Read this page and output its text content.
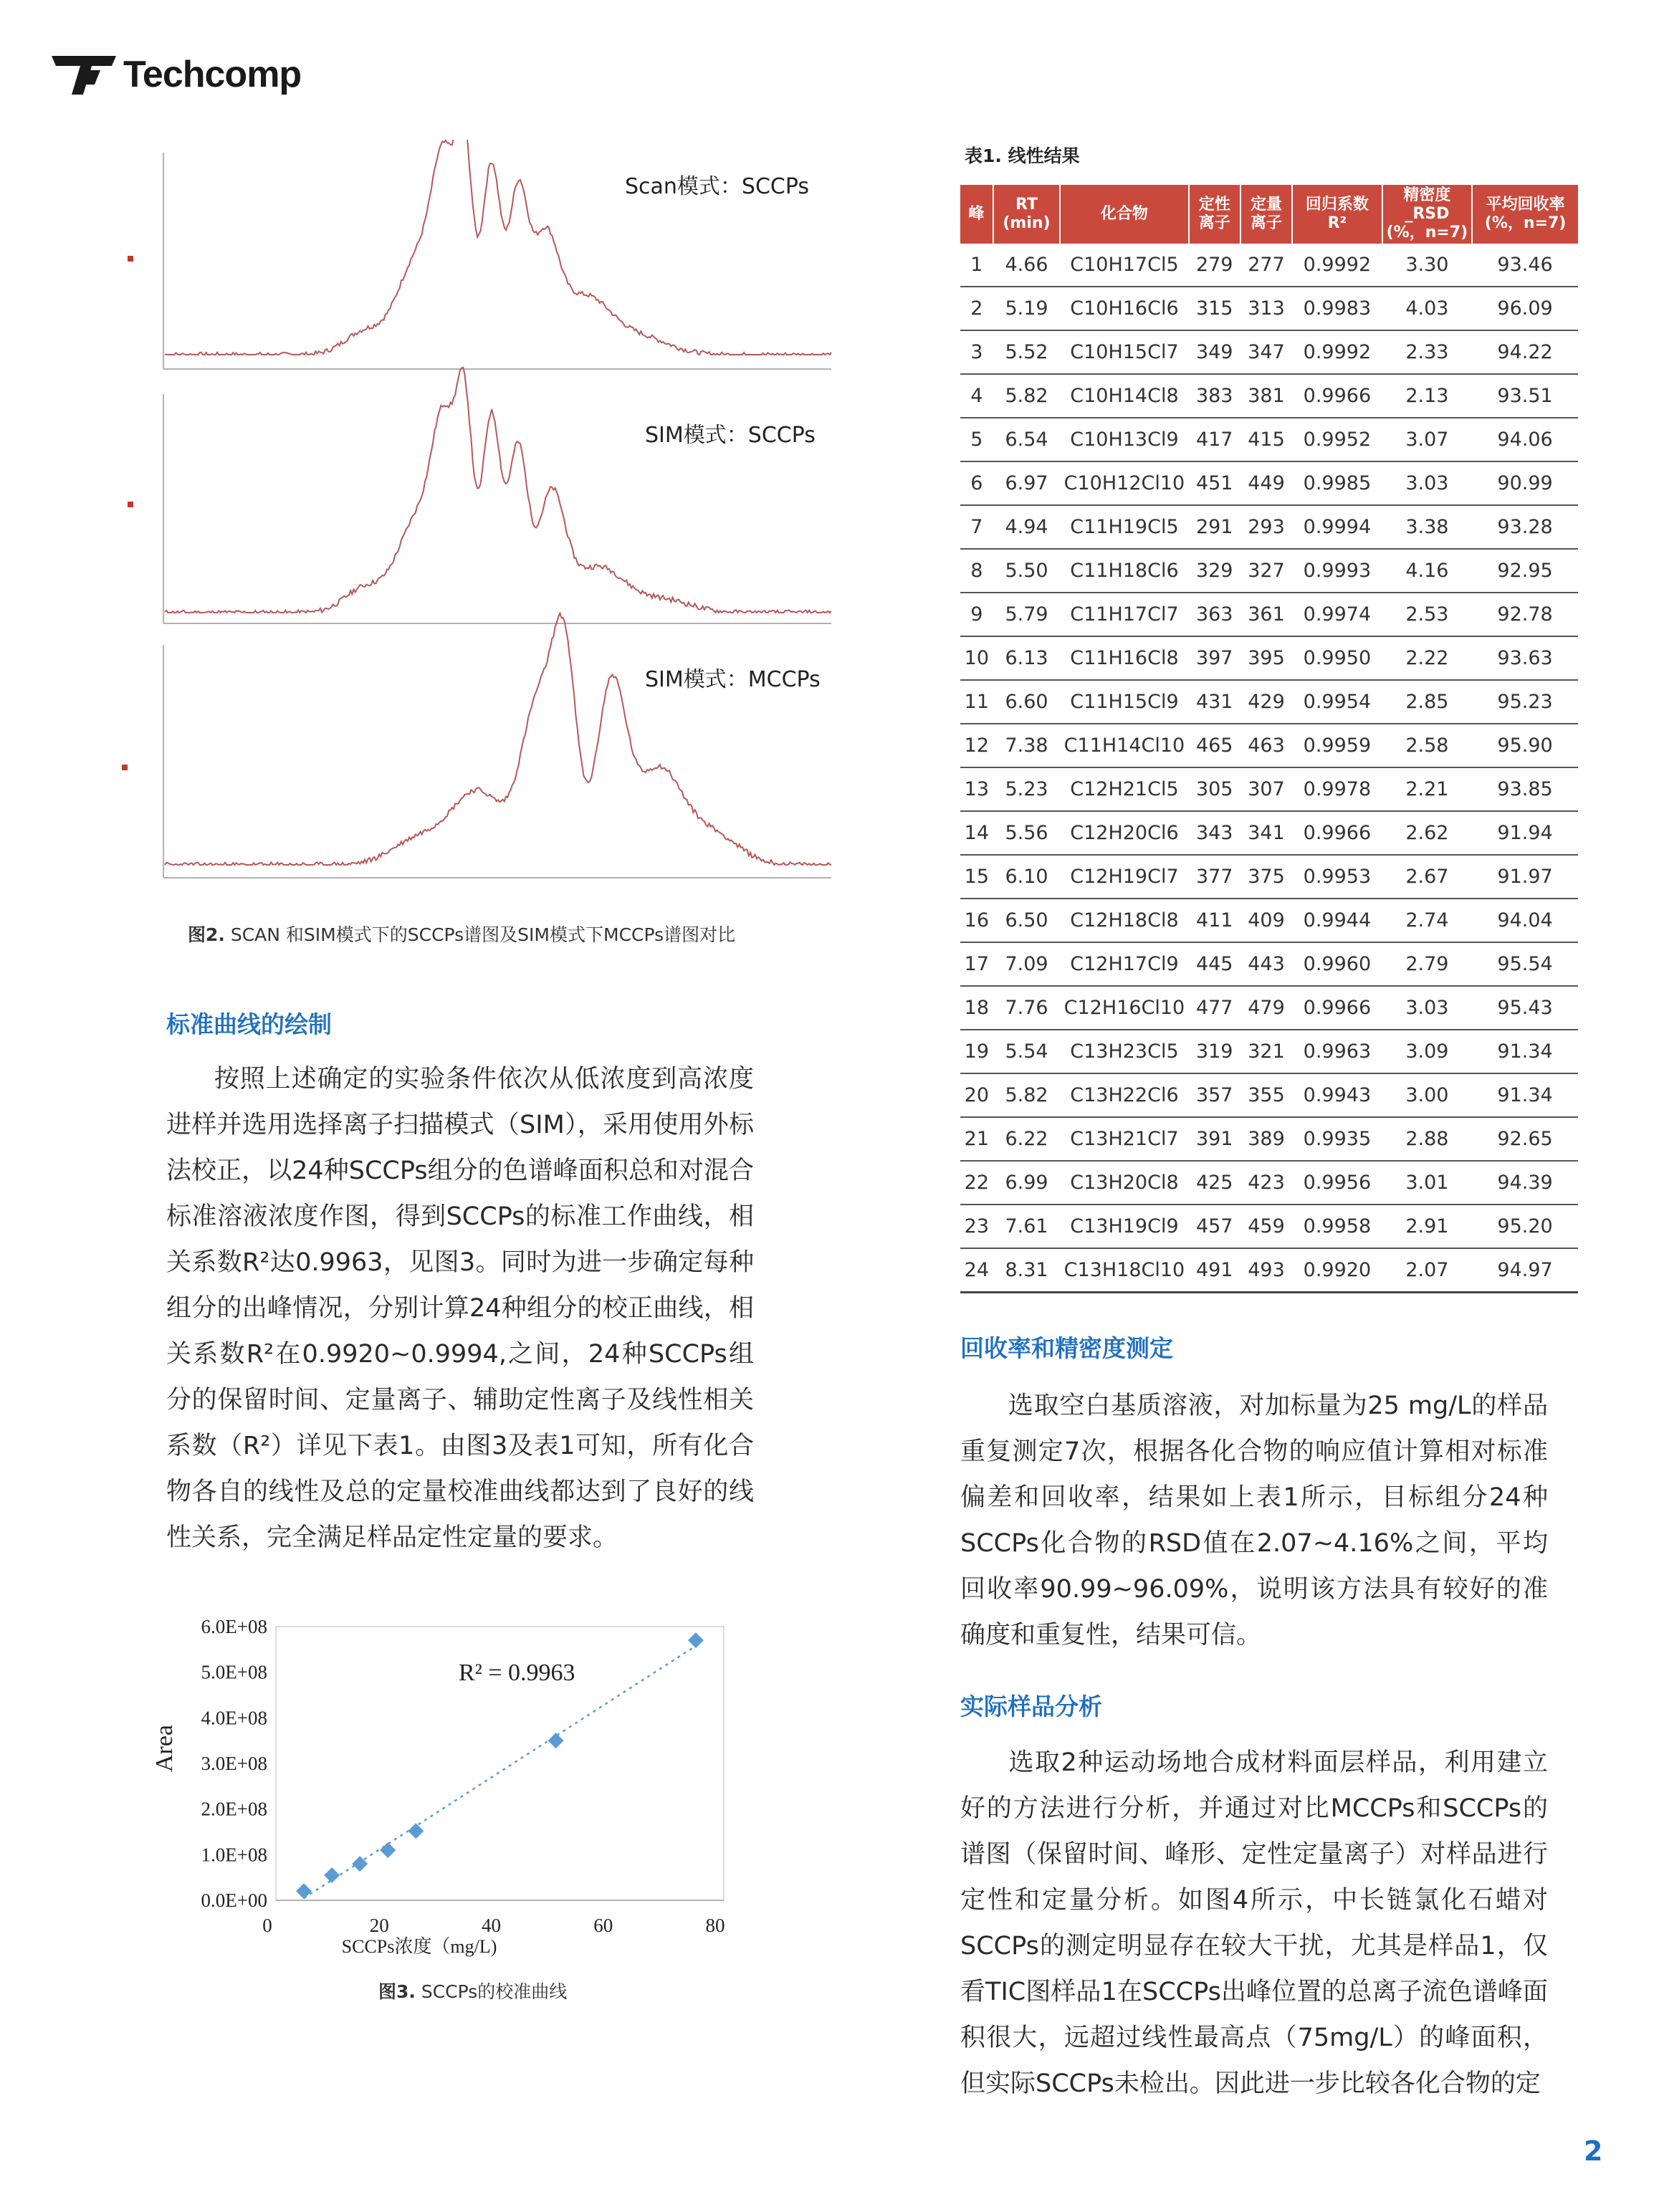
Techcomp
Scan模式：SCCPs
SIM模式：SCCPs
SIM模式：MCCPs
图2. SCAN 和SIM模式下的SCCPs谱图及SIM模式下MCCPs谱图对比
标准曲线的绘制
按照上述确定的实验条件依次从低浓度到高浓度进样并选用选择离子扫描模式（SIM），采用使用外标法校正，以24种SCCPs组分的色谱峰面积总和对混合标准溶液浓度作图，得到SCCPs的标准工作曲线，相关系数R²达0.9963，见图3。同时为进一步确定每种组分的出峰情况，分别计算24种组分的校正曲线，相关系数R²在0.9920~0.9994,之间，24种SCCPs组分的保留时间、定量离子、辅助定性离子及线性相关系数（R²）详见下表1。由图3及表1可知，所有化合物各自的线性及总的定量校准曲线都达到了良好的线性关系，完全满足样品定性定量的要求。
0.0E+00
1.0E+08
2.0E+08
3.0E+08
4.0E+08
5.0E+08
6.0E+08
0	20	40	60	80
R² = 0.9963
SCCPs浓度（mg/L)
Area
图3. SCCPs的校准曲线
表1. 线性结果
峰	RT (min)	化合物	定性 离子	定量 离子	回归系数 R²	精密度 _RSD (%，n=7)	平均回收率 (%，n=7)
1	4.66	C10H17Cl5	279	277	0.9992	3.30	93.46
2	5.19	C10H16Cl6	315	313	0.9983	4.03	96.09
3	5.52	C10H15Cl7	349	347	0.9992	2.33	94.22
4	5.82	C10H14Cl8	383	381	0.9966	2.13	93.51
5	6.54	C10H13Cl9	417	415	0.9952	3.07	94.06
6	6.97	C10H12Cl10	451	449	0.9985	3.03	90.99
7	4.94	C11H19Cl5	291	293	0.9994	3.38	93.28
8	5.50	C11H18Cl6	329	327	0.9993	4.16	92.95
9	5.79	C11H17Cl7	363	361	0.9974	2.53	92.78
10	6.13	C11H16Cl8	397	395	0.9950	2.22	93.63
11	6.60	C11H15Cl9	431	429	0.9954	2.85	95.23
12	7.38	C11H14Cl10	465	463	0.9959	2.58	95.90
13	5.23	C12H21Cl5	305	307	0.9978	2.21	93.85
14	5.56	C12H20Cl6	343	341	0.9966	2.62	91.94
15	6.10	C12H19Cl7	377	375	0.9953	2.67	91.97
16	6.50	C12H18Cl8	411	409	0.9944	2.74	94.04
17	7.09	C12H17Cl9	445	443	0.9960	2.79	95.54
18	7.76	C12H16Cl10	477	479	0.9966	3.03	95.43
19	5.54	C13H23Cl5	319	321	0.9963	3.09	91.34
20	5.82	C13H22Cl6	357	355	0.9943	3.00	91.34
21	6.22	C13H21Cl7	391	389	0.9935	2.88	92.65
22	6.99	C13H20Cl8	425	423	0.9956	3.01	94.39
23	7.61	C13H19Cl9	457	459	0.9958	2.91	95.20
24	8.31	C13H18Cl10	491	493	0.9920	2.07	94.97
回收率和精密度测定
选取空白基质溶液，对加标量为25 mg/L的样品重复测定7次，根据各化合物的响应值计算相对标准偏差和回收率，结果如上表1所示，目标组分24种SCCPs化合物的RSD值在2.07~4.16%之间，平均回收率90.99~96.09%，说明该方法具有较好的准确度和重复性，结果可信。
实际样品分析
选取2种运动场地合成材料面层样品，利用建立好的方法进行分析，并通过对比MCCPs和SCCPs的谱图（保留时间、峰形、定性定量离子）对样品进行定性和定量分析。如图4所示，中长链氯化石蜡对SCCPs的测定明显存在较大干扰，尤其是样品1，仅看TIC图样品1在SCCPs出峰位置的总离子流色谱峰面积很大，远超过线性最高点（75mg/L）的峰面积，但实际SCCPs未检出。因此进一步比较各化合物的定
2
